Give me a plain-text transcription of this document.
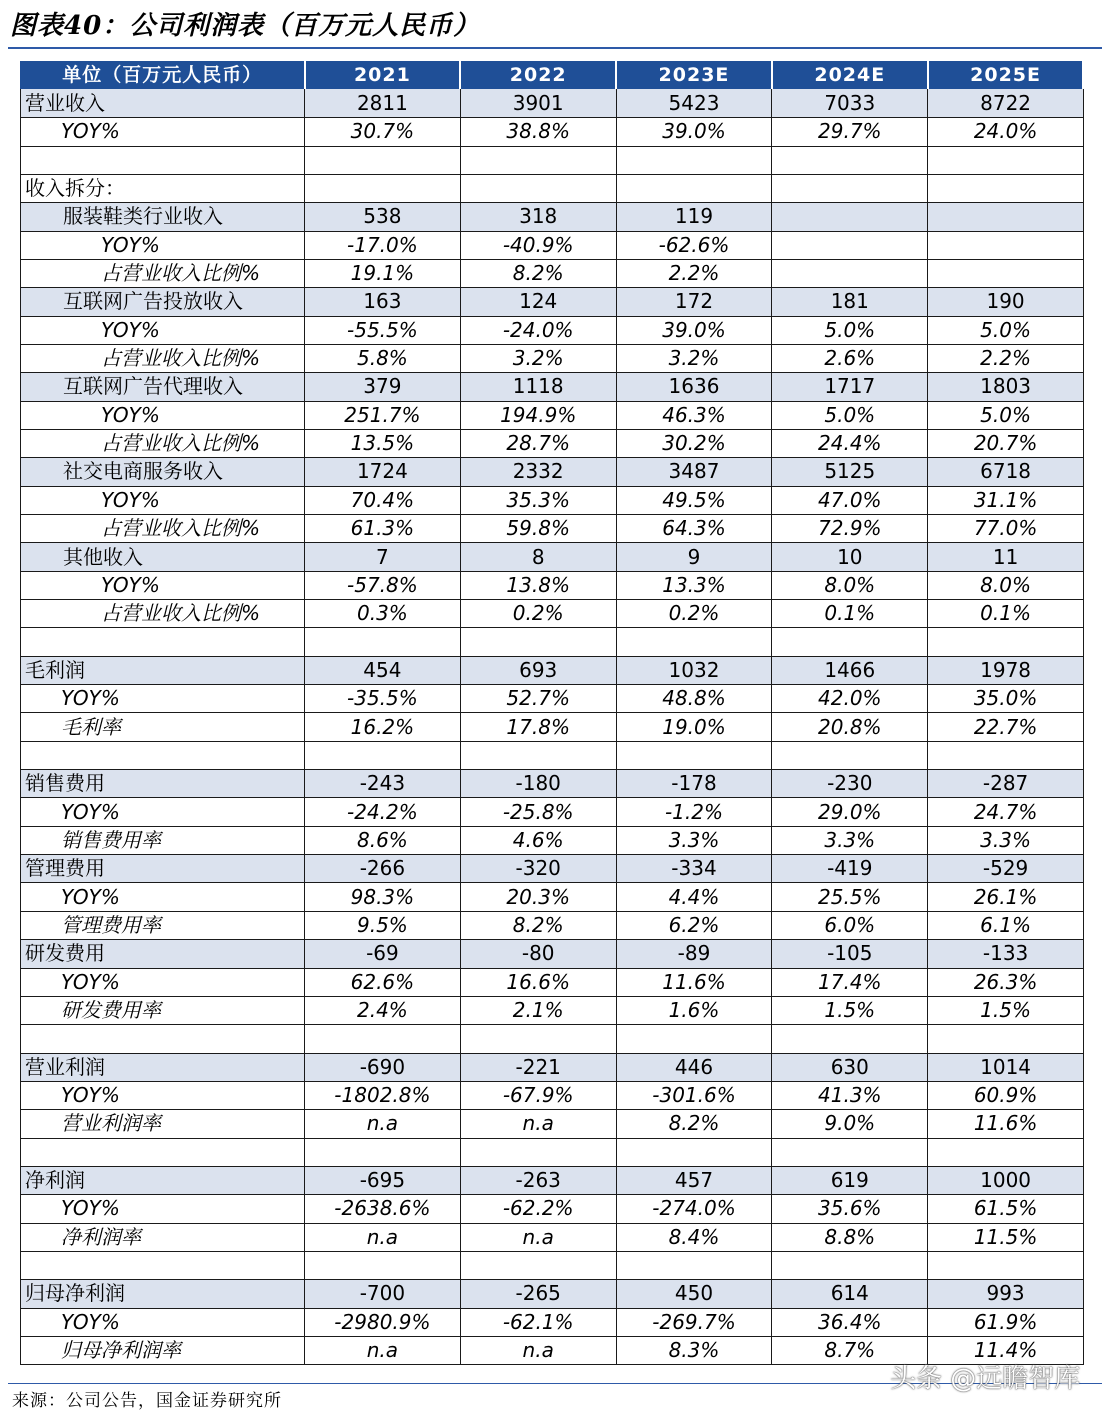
图表40：公司利润表（百万元人民币）
单位（百万元人民币）	2021	2022	2023E	2024E	2025E
营业收入	2811	3901	5423	7033	8722
YOY%	30.7%	38.8%	39.0%	29.7%	24.0%

收入拆分：					
服装鞋类行业收入	538	318	119		
YOY%	-17.0%	-40.9%	-62.6%		
占营业收入比例%	19.1%	8.2%	2.2%		
互联网广告投放收入	163	124	172	181	190
YOY%	-55.5%	-24.0%	39.0%	5.0%	5.0%
占营业收入比例%	5.8%	3.2%	3.2%	2.6%	2.2%
互联网广告代理收入	379	1118	1636	1717	1803
YOY%	251.7%	194.9%	46.3%	5.0%	5.0%
占营业收入比例%	13.5%	28.7%	30.2%	24.4%	20.7%
社交电商服务收入	1724	2332	3487	5125	6718
YOY%	70.4%	35.3%	49.5%	47.0%	31.1%
占营业收入比例%	61.3%	59.8%	64.3%	72.9%	77.0%
其他收入	7	8	9	10	11
YOY%	-57.8%	13.8%	13.3%	8.0%	8.0%
占营业收入比例%	0.3%	0.2%	0.2%	0.1%	0.1%

毛利润	454	693	1032	1466	1978
YOY%	-35.5%	52.7%	48.8%	42.0%	35.0%
毛利率	16.2%	17.8%	19.0%	20.8%	22.7%

销售费用	-243	-180	-178	-230	-287
YOY%	-24.2%	-25.8%	-1.2%	29.0%	24.7%
销售费用率	8.6%	4.6%	3.3%	3.3%	3.3%
管理费用	-266	-320	-334	-419	-529
YOY%	98.3%	20.3%	4.4%	25.5%	26.1%
管理费用率	9.5%	8.2%	6.2%	6.0%	6.1%
研发费用	-69	-80	-89	-105	-133
YOY%	62.6%	16.6%	11.6%	17.4%	26.3%
研发费用率	2.4%	2.1%	1.6%	1.5%	1.5%

营业利润	-690	-221	446	630	1014
YOY%	-1802.8%	-67.9%	-301.6%	41.3%	60.9%
营业利润率	n.a	n.a	8.2%	9.0%	11.6%

净利润	-695	-263	457	619	1000
YOY%	-2638.6%	-62.2%	-274.0%	35.6%	61.5%
净利润率	n.a	n.a	8.4%	8.8%	11.5%

归母净利润	-700	-265	450	614	993
YOY%	-2980.9%	-62.1%	-269.7%	36.4%	61.9%
归母净利润率	n.a	n.a	8.3%	8.7%	11.4%
来源：公司公告，国金证券研究所
头条 @远瞻智库
